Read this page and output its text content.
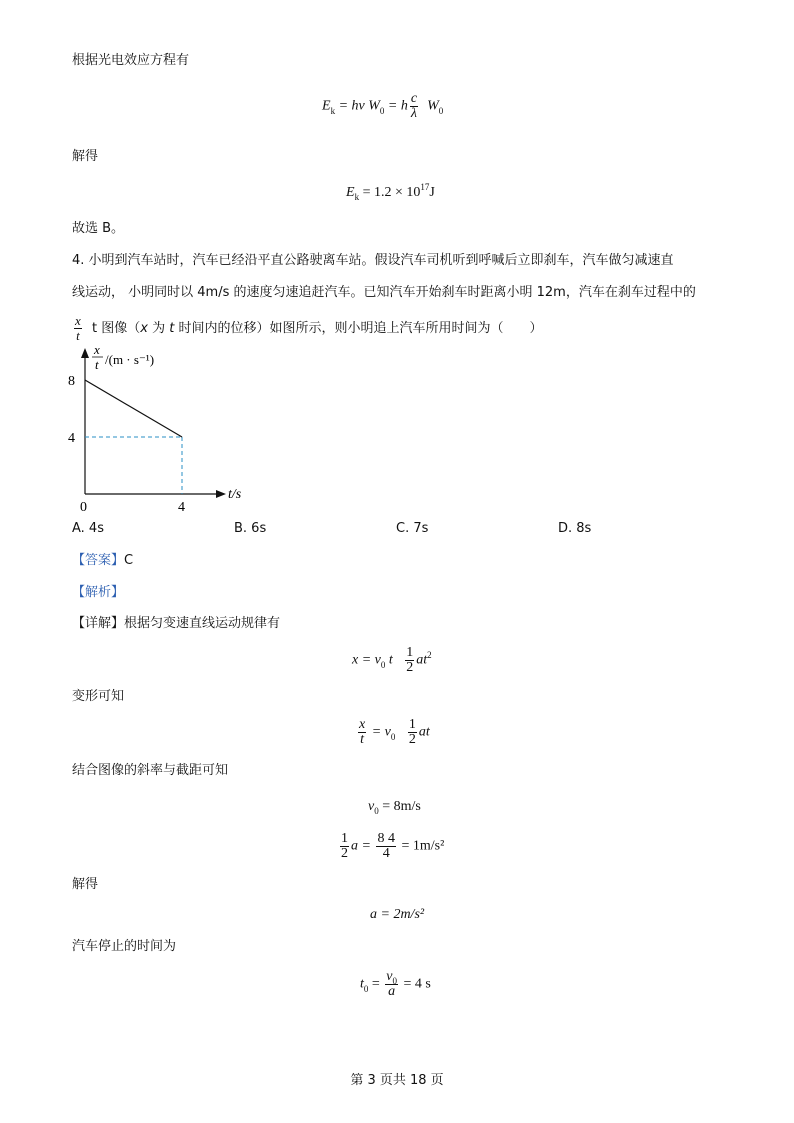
根据光电效应方程有
$E_k = h\nu$ $W_0 = h \frac{c}{\lambda} W_0$
解得
$E_k = 1.2 \times 10^{17}J$
故选 B。
4. 小明到汽车站时，汽车已经沿平直公路驶离车站。假设汽车司机听到呼喊后立即刹车，汽车做匀减速直
线运动， 小明同时以 4m/s 的速度匀速追赶汽车。已知汽车开始刹车时距离小明 12m，汽车在刹车过程中的
$\frac{x}{t}$ t 图像（x 为 t 时间内的位移）如图所示，则小明追上汽车所用时间为（　　）
x
t /(m · s⁻¹)
8
4
0	4
t/s
A. 4s	B. 6s	C. 7s	D. 8s
【答案】C
【解析】
【详解】根据匀变速直线运动规律有
$x = v_0$ t $\frac{1}{2} at^2$
变形可知
$\frac{x}{t} = v_0 \frac{1}{2}$ at
结合图像的斜率与截距可知
$v_0 = 8m/s$
$\frac{1}{2}$ $a = \frac{8 4}{4} = 1m/s^2$
解得
a = 2m/s²
汽车停止的时间为
$t_0 = \frac{v_0}{a} = 4$ s
第 3 页共 18 页
